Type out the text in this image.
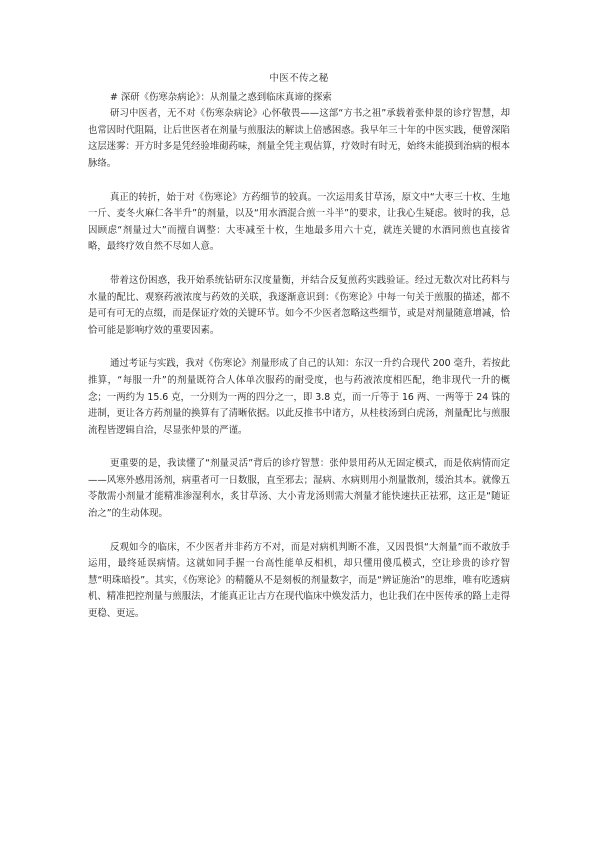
中医不传之秘

# 深研《伤寒杂病论》：从剂量之惑到临床真谛的探索

研习中医者，无不对《伤寒杂病论》心怀敬畏——这部“方书之祖”承载着张仲景的诊疗智慧，却也常因时代阻隔，让后世医者在剂量与煎服法的解读上倍感困惑。我早年三十年的中医实践，便曾深陷这层迷雾：开方时多是凭经验堆砌药味，剂量全凭主观估算，疗效时有时无，始终未能摸到治病的根本脉络。

真正的转折，始于对《伤寒论》方药细节的较真。一次运用炙甘草汤，原文中“大枣三十枚、生地一斤、麦冬火麻仁各半升”的剂量，以及“用水酒混合煎一斗半”的要求，让我心生疑虑。彼时的我，总因顾虑“剂量过大”而擅自调整：大枣减至十枚，生地最多用六十克，就连关键的水酒同煎也直接省略，最终疗效自然不尽如人意。

带着这份困惑，我开始系统钻研东汉度量衡，并结合反复煎药实践验证。经过无数次对比药料与水量的配比、观察药液浓度与药效的关联，我逐渐意识到：《伤寒论》中每一句关于煎服的描述，都不是可有可无的点缀，而是保证疗效的关键环节。如今不少医者忽略这些细节，或是对剂量随意增减，恰恰可能是影响疗效的重要因素。

通过考证与实践，我对《伤寒论》剂量形成了自己的认知：东汉一升约合现代 200 毫升，若按此推算，“每服一升”的剂量既符合人体单次服药的耐受度，也与药液浓度相匹配，绝非现代一升的概念；一两约为 15.6 克，一分则为一两的四分之一，即 3.8 克，而一斤等于 16 两、一两等于 24 铢的进制，更让各方药剂量的换算有了清晰依据。以此反推书中诸方，从桂枝汤到白虎汤，剂量配比与煎服流程皆逻辑自洽，尽显张仲景的严谨。

更重要的是，我读懂了“剂量灵活”背后的诊疗智慧：张仲景用药从无固定模式，而是依病情而定——风寒外感用汤剂，病重者可一日数服，直至邪去；湿病、水病则用小剂量散剂，缓治其本。就像五苓散需小剂量才能精准渗湿利水，炙甘草汤、大小青龙汤则需大剂量才能快速扶正祛邪，这正是“随证治之”的生动体现。

反观如今的临床，不少医者并非药方不对，而是对病机判断不准，又因畏惧“大剂量”而不敢放手运用，最终延误病情。这就如同手握一台高性能单反相机，却只懂用傻瓜模式，空让珍贵的诊疗智慧“明珠暗投”。其实，《伤寒论》的精髓从不是刻板的剂量数字，而是“辨证施治”的思维，唯有吃透病机、精准把控剂量与煎服法，才能真正让古方在现代临床中焕发活力，也让我们在中医传承的路上走得更稳、更远。
